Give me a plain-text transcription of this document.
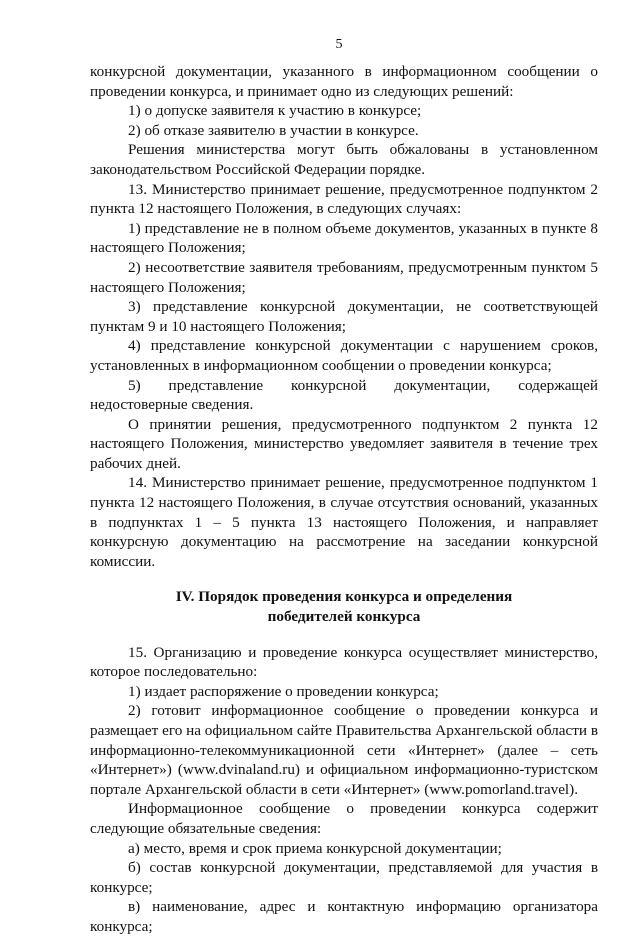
5

конкурсной документации, указанного в информационном сообщении о проведении конкурса, и принимает одно из следующих решений:

1) о допуске заявителя к участию в конкурсе;

2) об отказе заявителю в участии в конкурсе.

Решения министерства могут быть обжалованы в установленном законодательством Российской Федерации порядке.

13. Министерство принимает решение, предусмотренное подпунктом 2 пункта 12 настоящего Положения, в следующих случаях:

1) представление не в полном объеме документов, указанных в пункте 8 настоящего Положения;

2) несоответствие заявителя требованиям, предусмотренным пунктом 5 настоящего Положения;

3) представление конкурсной документации, не соответствующей пунктам 9 и 10 настоящего Положения;

4) представление конкурсной документации с нарушением сроков, установленных в информационном сообщении о проведении конкурса;

5) представление конкурсной документации, содержащей недостоверные сведения.

О принятии решения, предусмотренного подпунктом 2 пункта 12 настоящего Положения, министерство уведомляет заявителя в течение трех рабочих дней.

14. Министерство принимает решение, предусмотренное подпунктом 1 пункта 12 настоящего Положения, в случае отсутствия оснований, указанных в подпунктах 1 – 5 пункта 13 настоящего Положения, и направляет конкурсную документацию на рассмотрение на заседании конкурсной комиссии.

IV. Порядок проведения конкурса и определения
победителей конкурса

15. Организацию и проведение конкурса осуществляет министерство, которое последовательно:

1) издает распоряжение о проведении конкурса;

2) готовит информационное сообщение о проведении конкурса и размещает его на официальном сайте Правительства Архангельской области в информационно-телекоммуникационной сети «Интернет» (далее – сеть «Интернет») (www.dvinaland.ru) и официальном информационно-туристском портале Архангельской области в сети «Интернет» (www.pomorland.travel).

Информационное сообщение о проведении конкурса содержит следующие обязательные сведения:

а) место, время и срок приема конкурсной документации;

б) состав конкурсной документации, представляемой для участия в конкурсе;

в) наименование, адрес и контактную информацию организатора конкурса;
